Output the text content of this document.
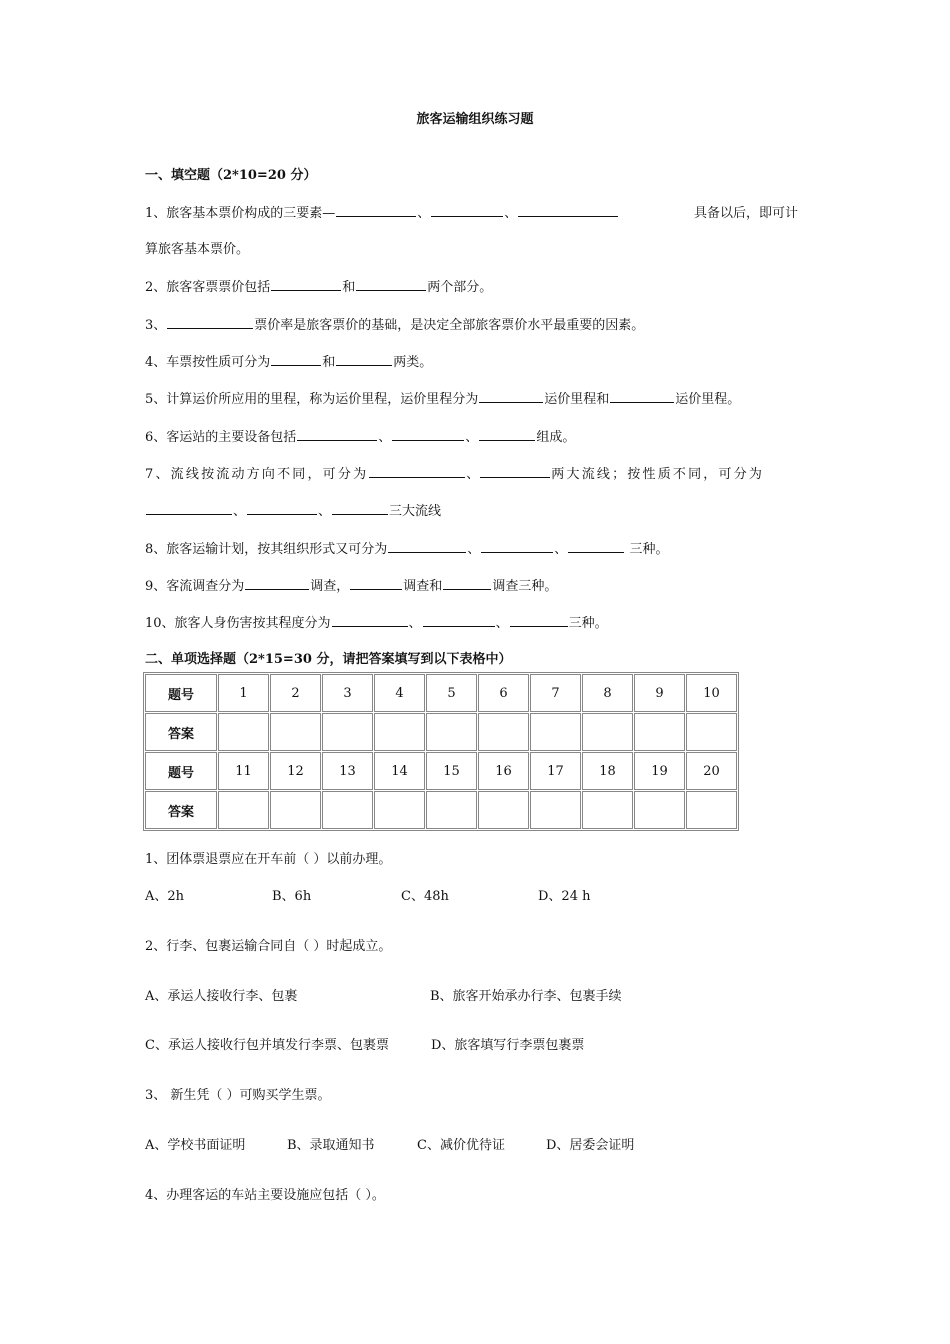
旅客运输组织练习题
一、填空题（2*10=20 分）
1、旅客基本票价构成的三要素—	、	、	具备以后，即可计
算旅客基本票价。
2、旅客客票票价包括	和	两个部分。
3、	票价率是旅客票价的基础，是决定全部旅客票价水平最重要的因素。
4、车票按性质可分为	和	两类。
5、计算运价所应用的里程，称为运价里程，运价里程分为	运价里程和	运价里程。
6、客运站的主要设备包括	、	、	组成。
7、流线按流动方向不同，可分为	、	两大流线；按性质不同，可分为
、	、	三大流线
8、旅客运输计划，按其组织形式又可分为	、	、	三种。
9、客流调查分为	调查，	调查和	调查三种。
10、旅客人身伤害按其程度分为	、	、	三种。
二、单项选择题（2*15=30 分，请把答案填写到以下表格中）
题号	1	2	3	4	5	6	7	8	9	10
答案										
题号	11	12	13	14	15	16	17	18	19	20
答案										
1、团体票退票应在开车前（ ）以前办理。
A、2h	B、6h	C、48h	D、24 h
2、行李、包裹运输合同自（ ）时起成立。
A、承运人接收行李、包裹	B、旅客开始承办行李、包裹手续
C、承运人接收行包并填发行李票、包裹票	D、旅客填写行李票包裹票
3、 新生凭（ ）可购买学生票。
A、学校书面证明	B、录取通知书	C、减价优待证	D、居委会证明
4、办理客运的车站主要设施应包括（ ）。
